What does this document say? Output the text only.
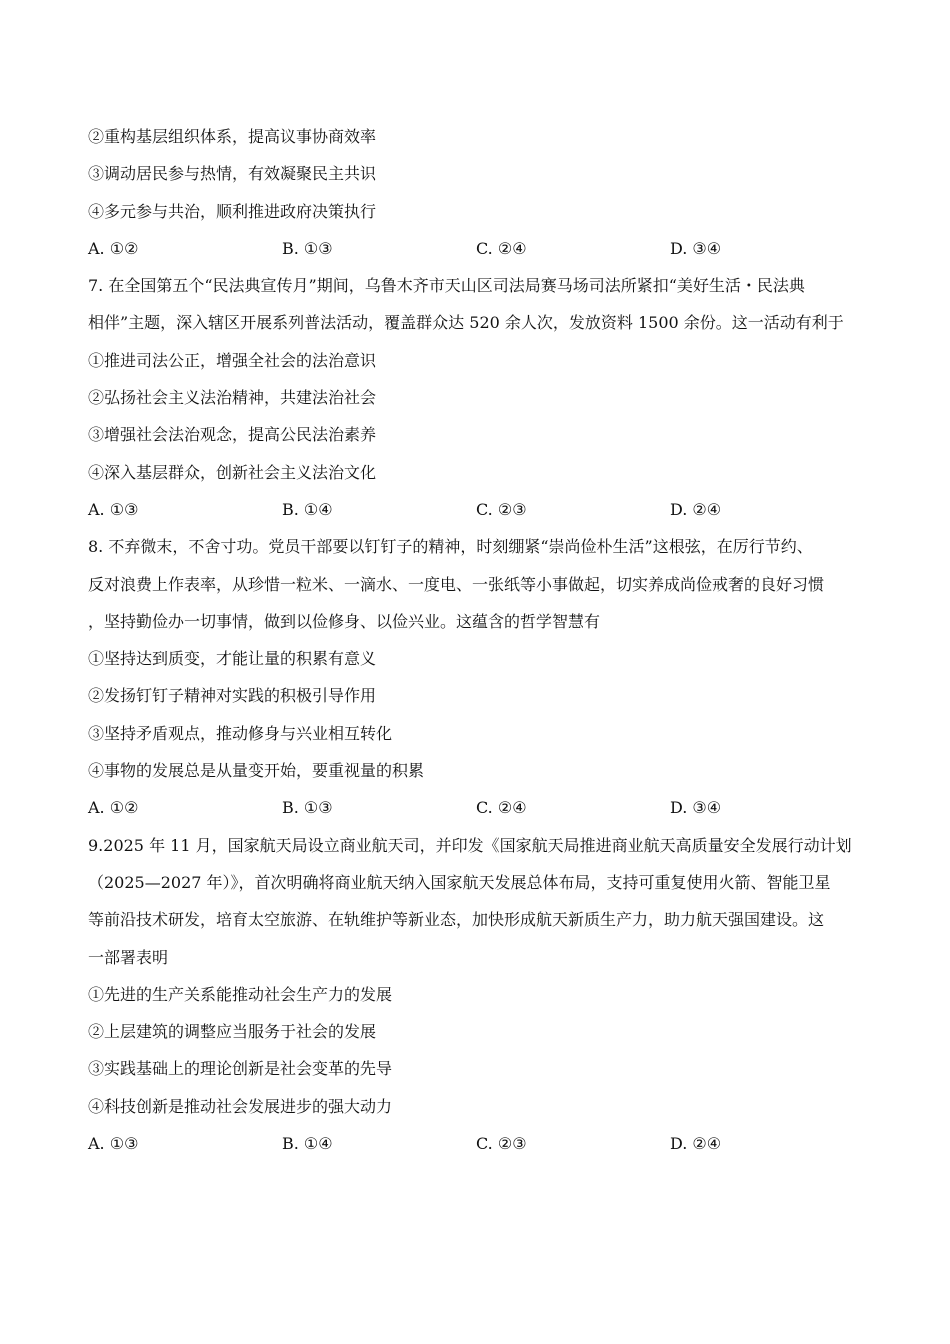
②重构基层组织体系，提高议事协商效率
③调动居民参与热情，有效凝聚民主共识
④多元参与共治，顺利推进政府决策执行
A. ①②	B. ①③	C. ②④	D. ③④
7. 在全国第五个“民法典宣传月”期间，乌鲁木齐市天山区司法局赛马场司法所紧扣“美好生活・民法典
相伴”主题，深入辖区开展系列普法活动，覆盖群众达 520 余人次，发放资料 1500 余份。这一活动有利于
①推进司法公正，增强全社会的法治意识
②弘扬社会主义法治精神，共建法治社会
③增强社会法治观念，提高公民法治素养
④深入基层群众，创新社会主义法治文化
A. ①③	B. ①④	C. ②③	D. ②④
8. 不弃微末，不舍寸功。党员干部要以钉钉子的精神，时刻绷紧“崇尚俭朴生活”这根弦，在厉行节约、
反对浪费上作表率，从珍惜一粒米、一滴水、一度电、一张纸等小事做起，切实养成尚俭戒奢的良好习惯
，坚持勤俭办一切事情，做到以俭修身、以俭兴业。这蕴含的哲学智慧有
①坚持达到质变，才能让量的积累有意义
②发扬钉钉子精神对实践的积极引导作用
③坚持矛盾观点，推动修身与兴业相互转化
④事物的发展总是从量变开始，要重视量的积累
A. ①②	B. ①③	C. ②④	D. ③④
9.2025 年 11 月，国家航天局设立商业航天司，并印发《国家航天局推进商业航天高质量安全发展行动计划
（2025—2027 年）》，首次明确将商业航天纳入国家航天发展总体布局，支持可重复使用火箭、智能卫星
等前沿技术研发，培育太空旅游、在轨维护等新业态，加快形成航天新质生产力，助力航天强国建设。这
一部署表明
①先进的生产关系能推动社会生产力的发展
②上层建筑的调整应当服务于社会的发展
③实践基础上的理论创新是社会变革的先导
④科技创新是推动社会发展进步的强大动力
A. ①③	B. ①④	C. ②③	D. ②④
